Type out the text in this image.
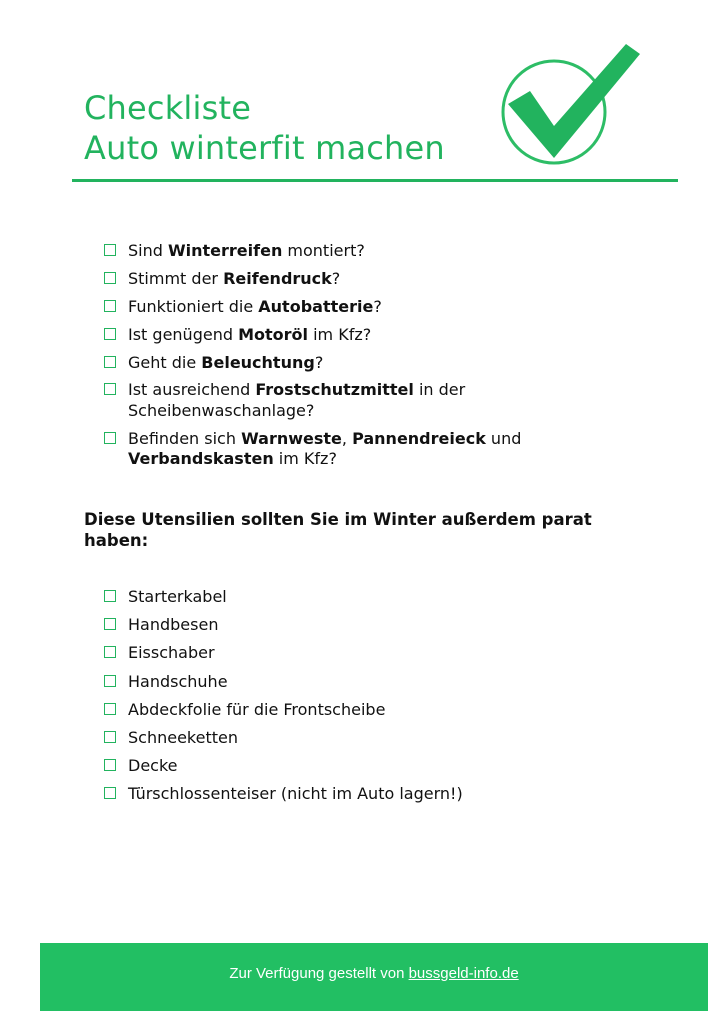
Checkliste
Auto winterfit machen
Sind Winterreifen montiert?
Stimmt der Reifendruck?
Funktioniert die Autobatterie?
Ist genügend Motoröl im Kfz?
Geht die Beleuchtung?
Ist ausreichend Frostschutzmittel in der Scheibenwaschanlage?
Befinden sich Warnweste, Pannendreieck und Verbandskasten im Kfz?
Diese Utensilien sollten Sie im Winter außerdem parat haben:
Starterkabel
Handbesen
Eisschaber
Handschuhe
Abdeckfolie für die Frontscheibe
Schneeketten
Decke
Türschlossenteiser (nicht im Auto lagern!)
Zur Verfügung gestellt von bussgeld-info.de
